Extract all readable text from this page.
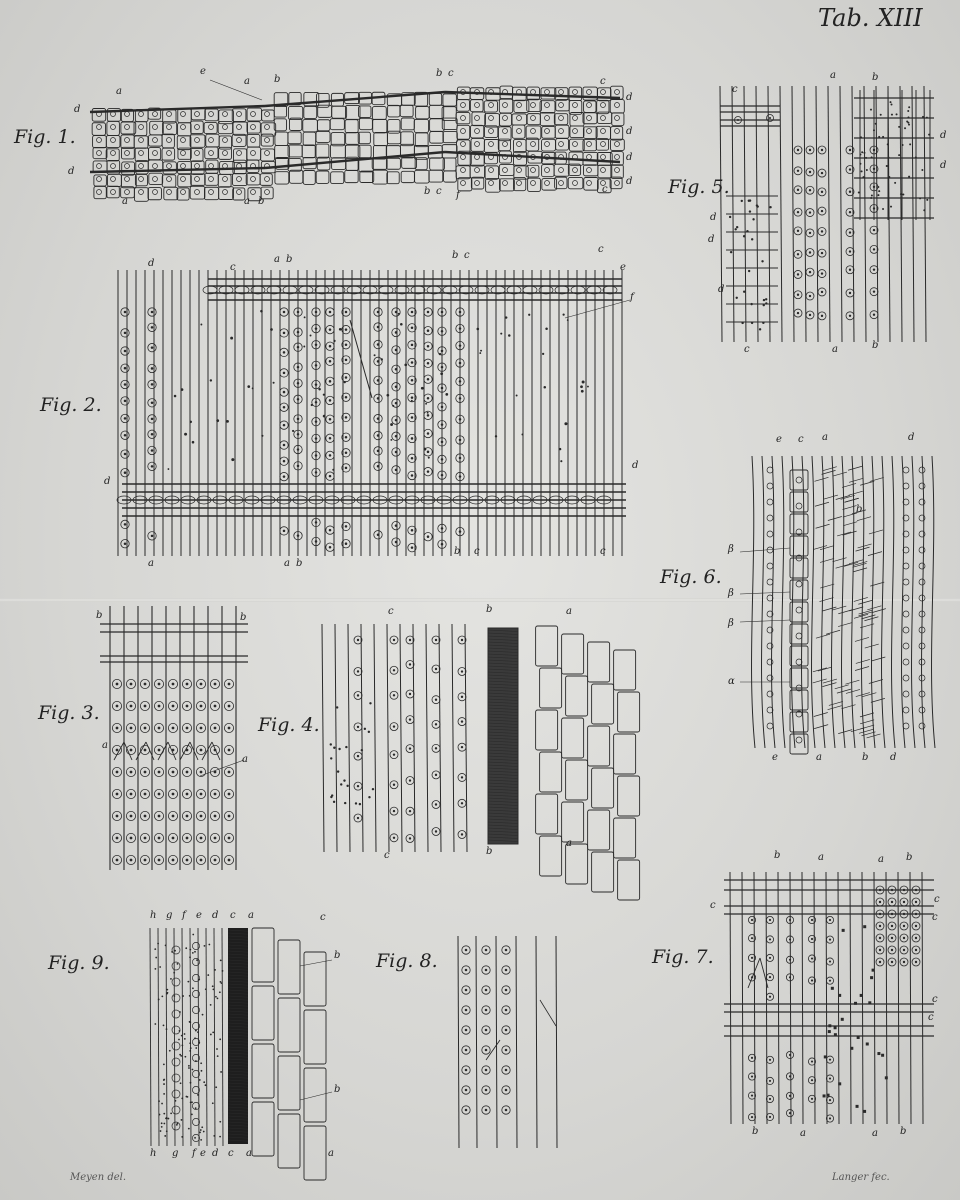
Tab. XIII
Fig. 1.
Fig. 2.
Fig. 3.
Fig. 4.
Fig. 5.
Fig. 6.
Fig. 7.
Fig. 8.
Fig. 9.
e
a b
a
b c
c
d
d
d
d
d
d
a	a b
b c f
c
d	c
a b	b c
c
e
f
d
d
a	a b
b c	c
b	b
a
a
c	b	a
c	b
a
c
a	b
d
d
d
d
d
c	a	b
e c a	d
b
β
β
β
α
e	a	b d
b	a	a b
c
c
c
c
c
b	a	a b
h g f e d c a	c
b
b
h g f e d c a	a
Meyen del.	Langer fec.
